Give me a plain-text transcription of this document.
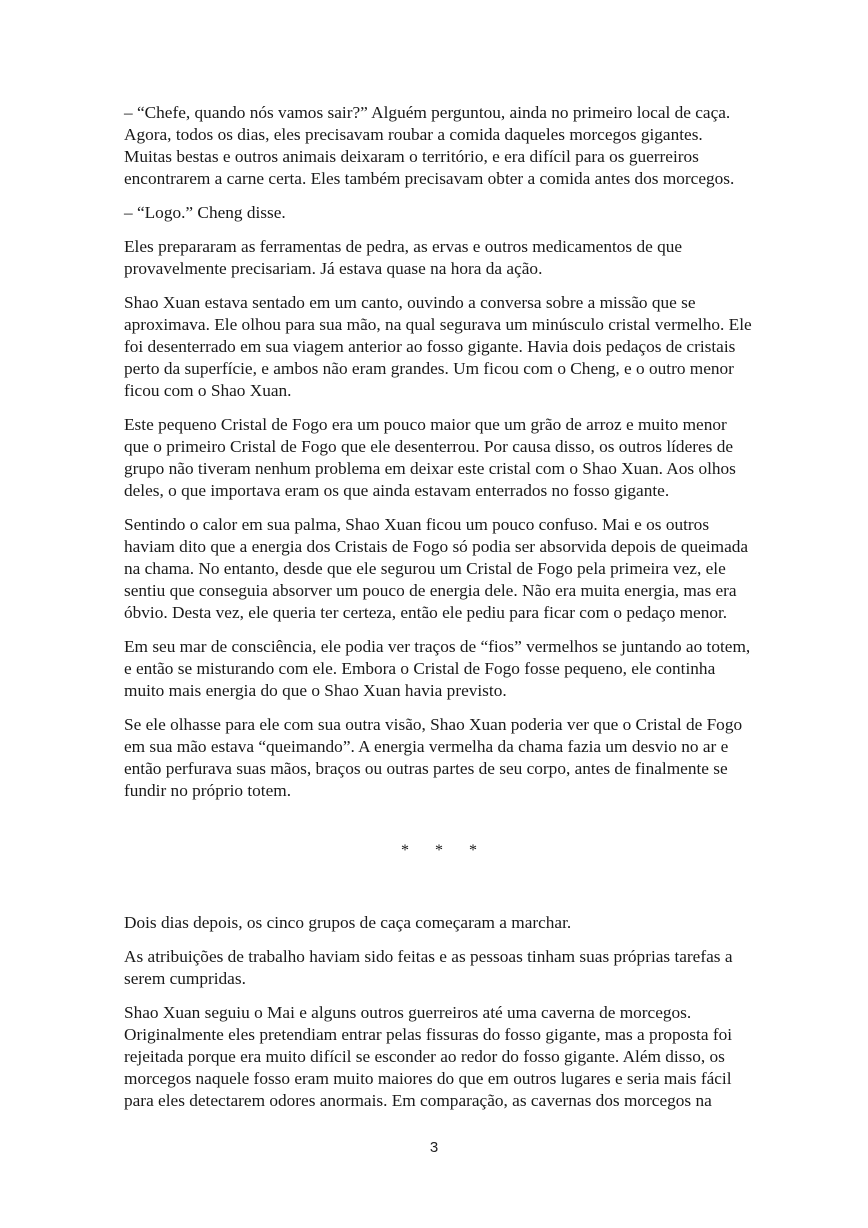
– “Chefe, quando nós vamos sair?” Alguém perguntou, ainda no primeiro local de caça. Agora, todos os dias, eles precisavam roubar a comida daqueles morcegos gigantes. Muitas bestas e outros animais deixaram o território, e era difícil para os guerreiros encontrarem a carne certa. Eles também precisavam obter a comida antes dos morcegos.

– “Logo.” Cheng disse.

Eles prepararam as ferramentas de pedra, as ervas e outros medicamentos de que provavelmente precisariam. Já estava quase na hora da ação.

Shao Xuan estava sentado em um canto, ouvindo a conversa sobre a missão que se aproximava. Ele olhou para sua mão, na qual segurava um minúsculo cristal vermelho. Ele foi desenterrado em sua viagem anterior ao fosso gigante. Havia dois pedaços de cristais perto da superfície, e ambos não eram grandes. Um ficou com o Cheng, e o outro menor ficou com o Shao Xuan.

Este pequeno Cristal de Fogo era um pouco maior que um grão de arroz e muito menor que o primeiro Cristal de Fogo que ele desenterrou. Por causa disso, os outros líderes de grupo não tiveram nenhum problema em deixar este cristal com o Shao Xuan. Aos olhos deles, o que importava eram os que ainda estavam enterrados no fosso gigante.

Sentindo o calor em sua palma, Shao Xuan ficou um pouco confuso. Mai e os outros haviam dito que a energia dos Cristais de Fogo só podia ser absorvida depois de queimada na chama. No entanto, desde que ele segurou um Cristal de Fogo pela primeira vez, ele sentiu que conseguia absorver um pouco de energia dele. Não era muita energia, mas era óbvio. Desta vez, ele queria ter certeza, então ele pediu para ficar com o pedaço menor.

Em seu mar de consciência, ele podia ver traços de “fios” vermelhos se juntando ao totem, e então se misturando com ele. Embora o Cristal de Fogo fosse pequeno, ele continha muito mais energia do que o Shao Xuan havia previsto.

Se ele olhasse para ele com sua outra visão, Shao Xuan poderia ver que o Cristal de Fogo em sua mão estava “queimando”. A energia vermelha da chama fazia um desvio no ar e então perfurava suas mãos, braços ou outras partes de seu corpo, antes de finalmente se fundir no próprio totem.

* * *

Dois dias depois, os cinco grupos de caça começaram a marchar.

As atribuições de trabalho haviam sido feitas e as pessoas tinham suas próprias tarefas a serem cumpridas.

Shao Xuan seguiu o Mai e alguns outros guerreiros até uma caverna de morcegos. Originalmente eles pretendiam entrar pelas fissuras do fosso gigante, mas a proposta foi rejeitada porque era muito difícil se esconder ao redor do fosso gigante. Além disso, os morcegos naquele fosso eram muito maiores do que em outros lugares e seria mais fácil para eles detectarem odores anormais. Em comparação, as cavernas dos morcegos na

3
